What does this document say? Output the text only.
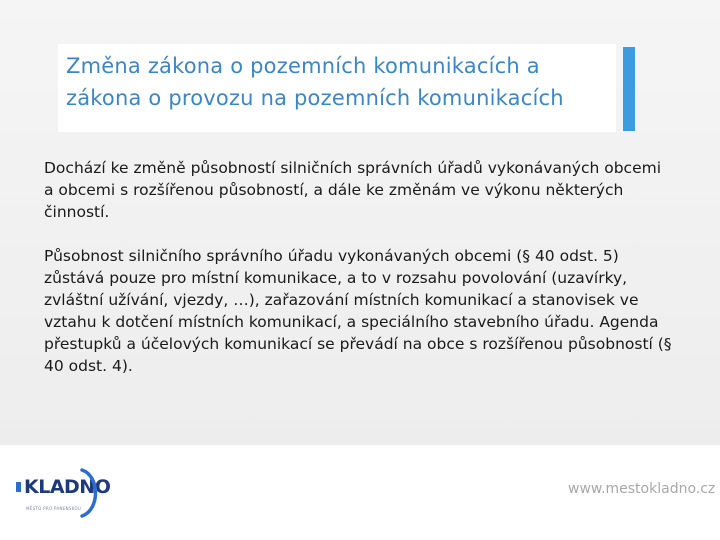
Změna zákona o pozemních komunikacích a zákona o provozu na pozemních komunikacích

Dochází ke změně působností silničních správních úřadů vykonávaných obcemi a obcemi s rozšířenou působností, a dále ke změnám ve výkonu některých činností.

Působnost silničního správního úřadu vykonávaných obcemi (§ 40 odst. 5) zůstává pouze pro místní komunikace, a to v rozsahu povolování (uzavírky, zvláštní užívání, vjezdy, …), zařazování místních komunikací a stanovisek ve vztahu k dotčení místních komunikací, a speciálního stavebního úřadu. Agenda přestupků a účelových komunikací se převádí na obce s rozšířenou působností (§ 40 odst. 4).

KLADNO
MĚSTO PRO PANENSKOU
www.mestokladno.cz
